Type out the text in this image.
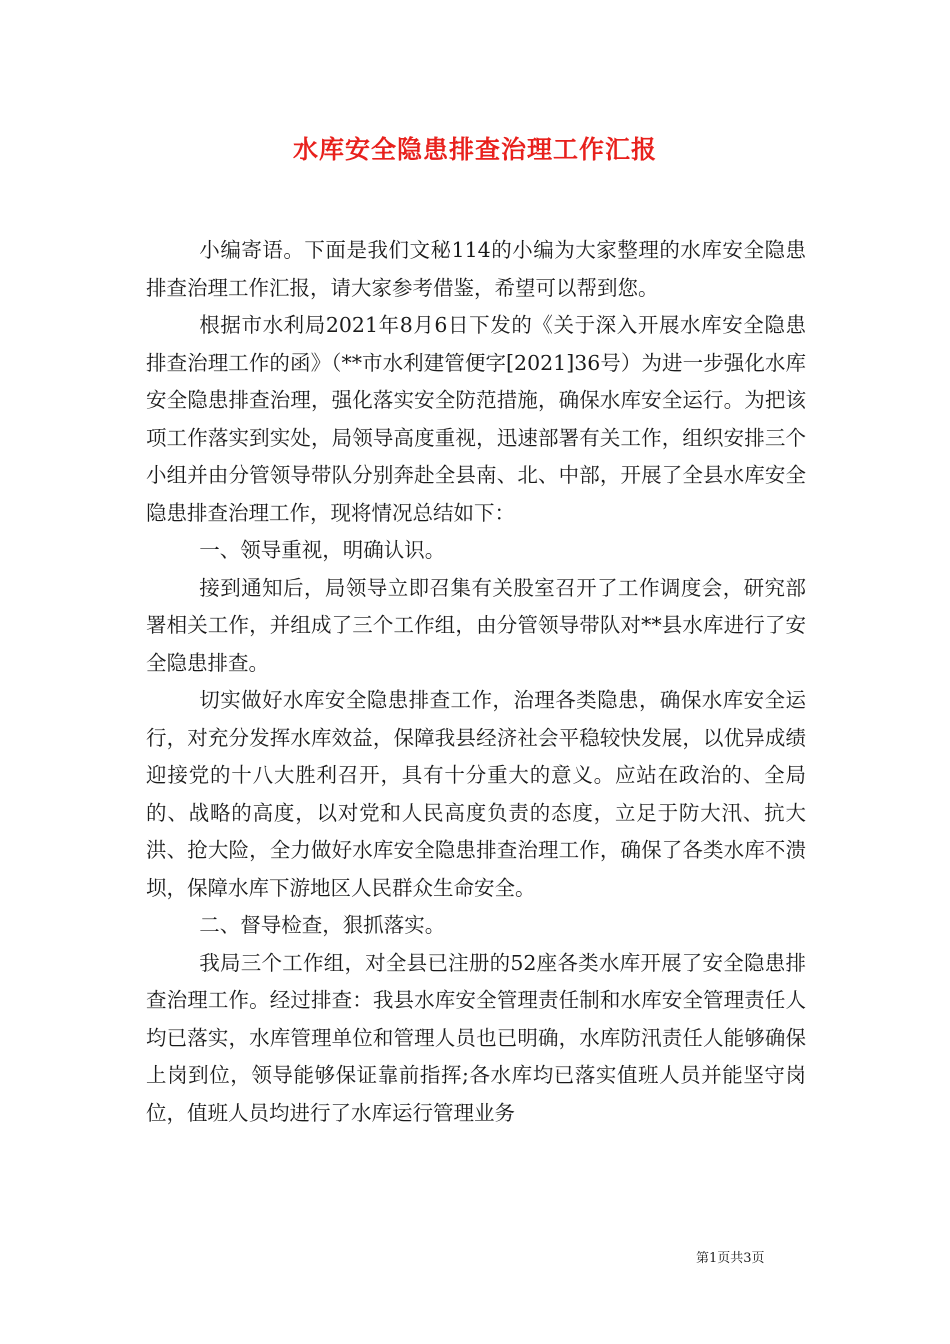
水库安全隐患排查治理工作汇报

小编寄语。下面是我们文秘114的小编为大家整理的水库安全隐患排查治理工作汇报，请大家参考借鉴，希望可以帮到您。

根据市水利局2021年8月6日下发的《关于深入开展水库安全隐患排查治理工作的函》（**市水利建管便字[2021]36号）为进一步强化水库安全隐患排查治理，强化落实安全防范措施，确保水库安全运行。为把该项工作落实到实处，局领导高度重视，迅速部署有关工作，组织安排三个小组并由分管领导带队分别奔赴全县南、北、中部，开展了全县水库安全隐患排查治理工作，现将情况总结如下：

一、领导重视，明确认识。

接到通知后，局领导立即召集有关股室召开了工作调度会，研究部署相关工作，并组成了三个工作组，由分管领导带队对**县水库进行了安全隐患排查。

切实做好水库安全隐患排查工作，治理各类隐患，确保水库安全运行，对充分发挥水库效益，保障我县经济社会平稳较快发展，以优异成绩迎接党的十八大胜利召开，具有十分重大的意义。应站在政治的、全局的、战略的高度，以对党和人民高度负责的态度，立足于防大汛、抗大洪、抢大险，全力做好水库安全隐患排查治理工作，确保了各类水库不溃坝，保障水库下游地区人民群众生命安全。

二、督导检查，狠抓落实。

我局三个工作组，对全县已注册的52座各类水库开展了安全隐患排查治理工作。经过排查：我县水库安全管理责任制和水库安全管理责任人均已落实，水库管理单位和管理人员也已明确，水库防汛责任人能够确保上岗到位，领导能够保证靠前指挥;各水库均已落实值班人员并能坚守岗位，值班人员均进行了水库运行管理业务

第1页共3页
